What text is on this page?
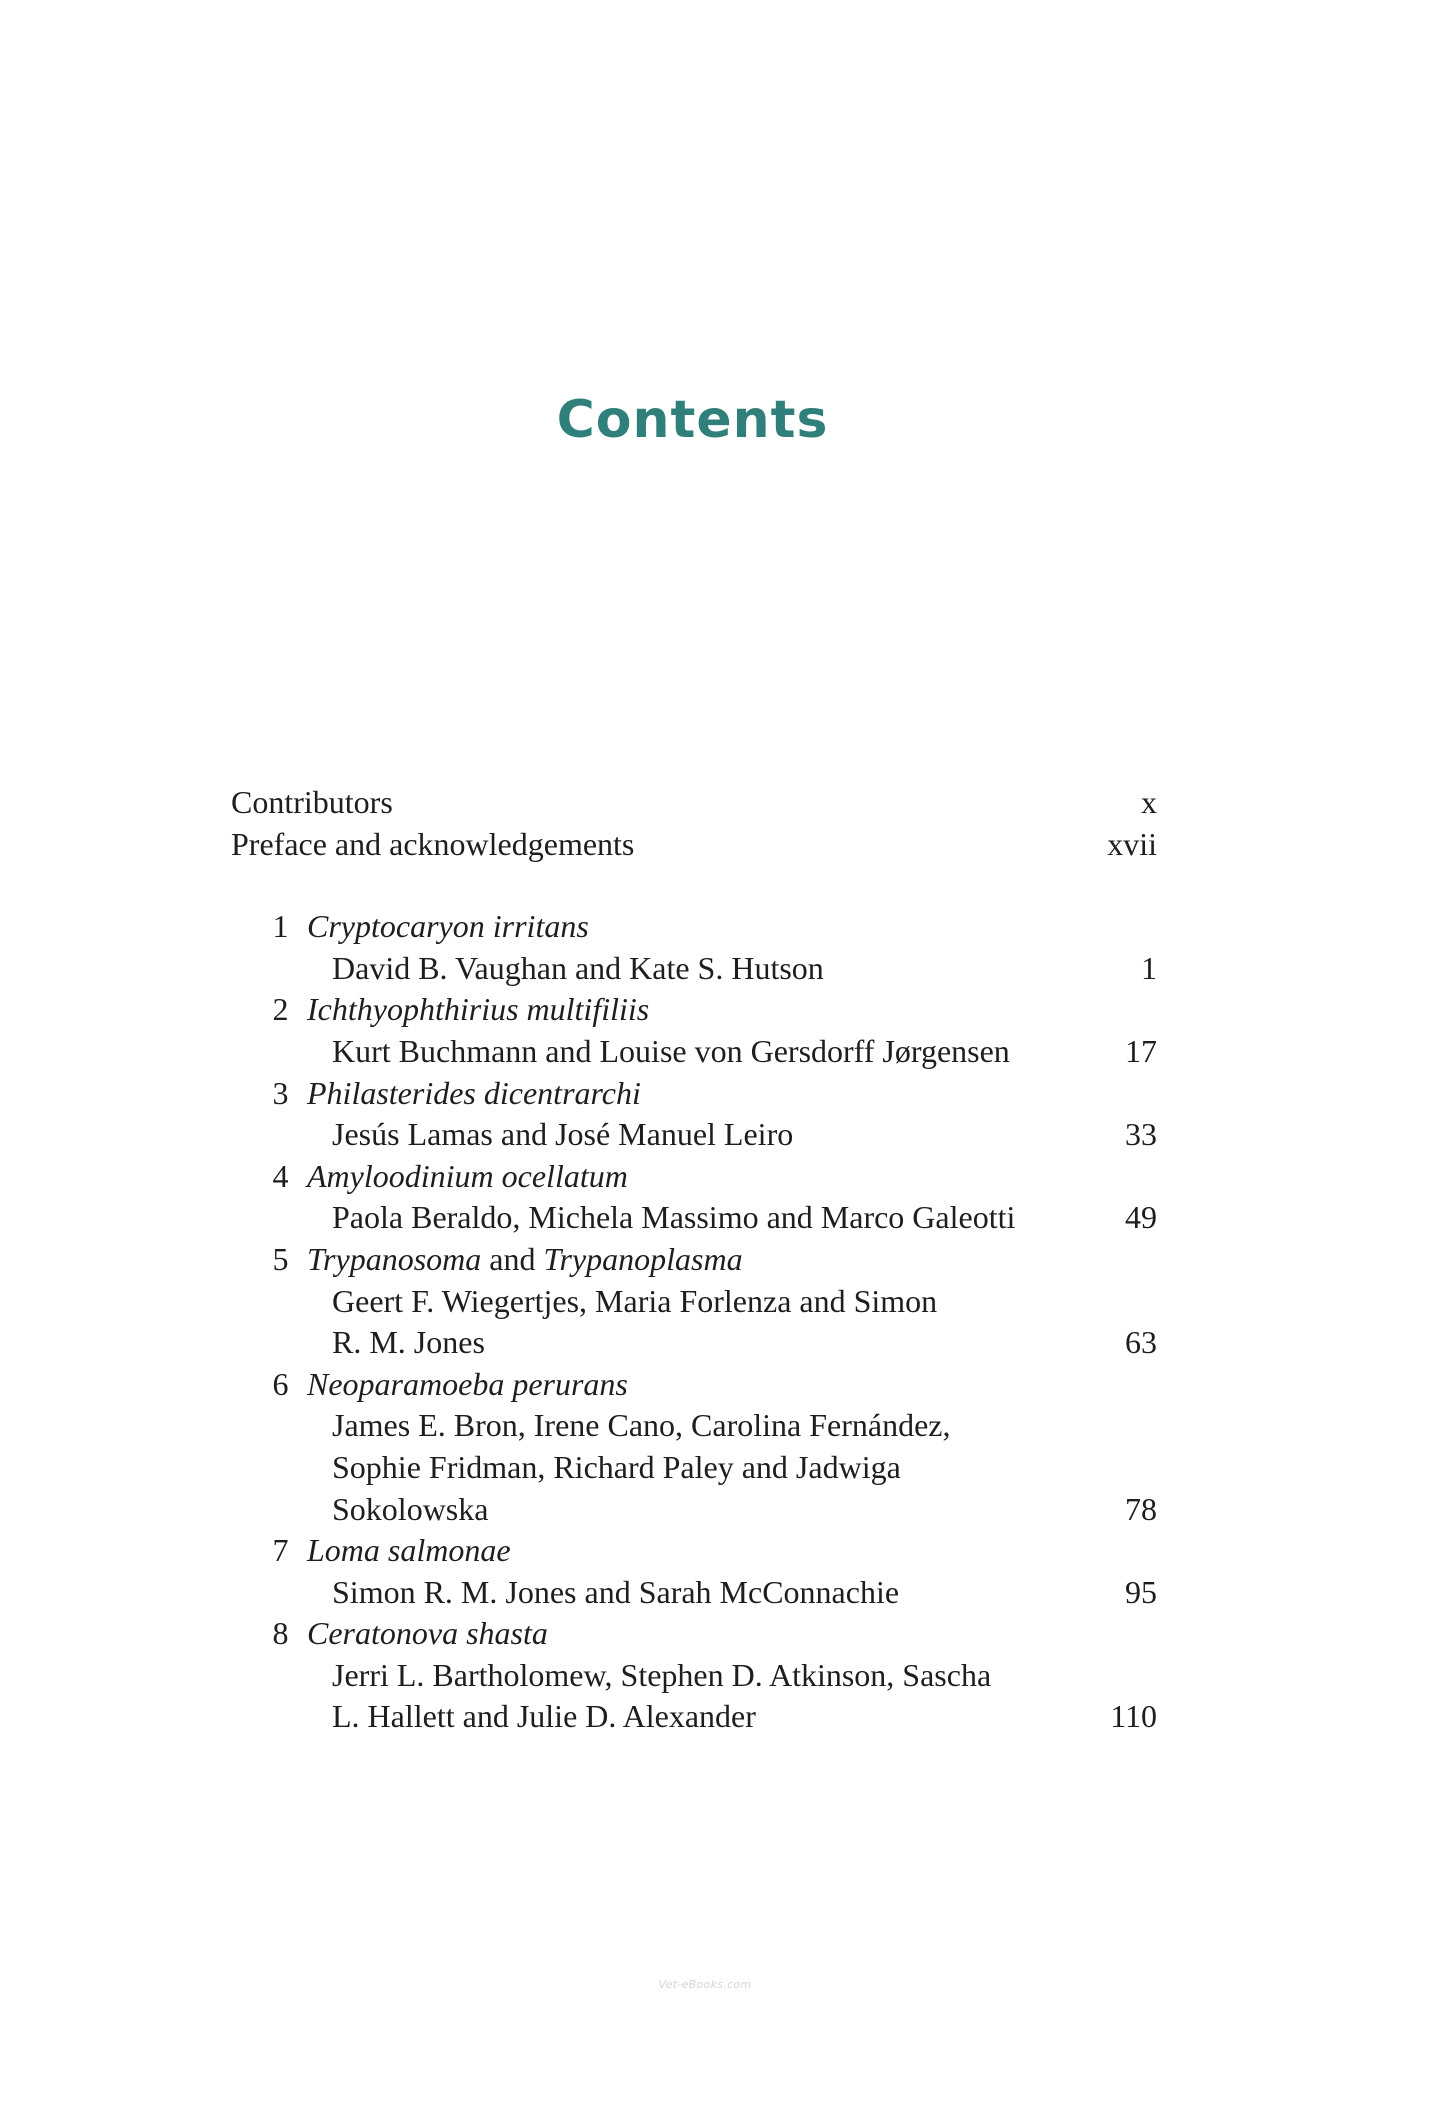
Contents
Contributors	x
Preface and acknowledgements	xvii
1 Cryptocaryon irritans
David B. Vaughan and Kate S. Hutson	1
2 Ichthyophthirius multifiliis
Kurt Buchmann and Louise von Gersdorff Jørgensen	17
3 Philasterides dicentrarchi
Jesús Lamas and José Manuel Leiro	33
4 Amyloodinium ocellatum
Paola Beraldo, Michela Massimo and Marco Galeotti	49
5 Trypanosoma and Trypanoplasma
Geert F. Wiegertjes, Maria Forlenza and Simon
R. M. Jones	63
6 Neoparamoeba perurans
James E. Bron, Irene Cano, Carolina Fernández,
Sophie Fridman, Richard Paley and Jadwiga
Sokolowska	78
7 Loma salmonae
Simon R. M. Jones and Sarah McConnachie	95
8 Ceratonova shasta
Jerri L. Bartholomew, Stephen D. Atkinson, Sascha
L. Hallett and Julie D. Alexander	110
Vet-eBooks.com
